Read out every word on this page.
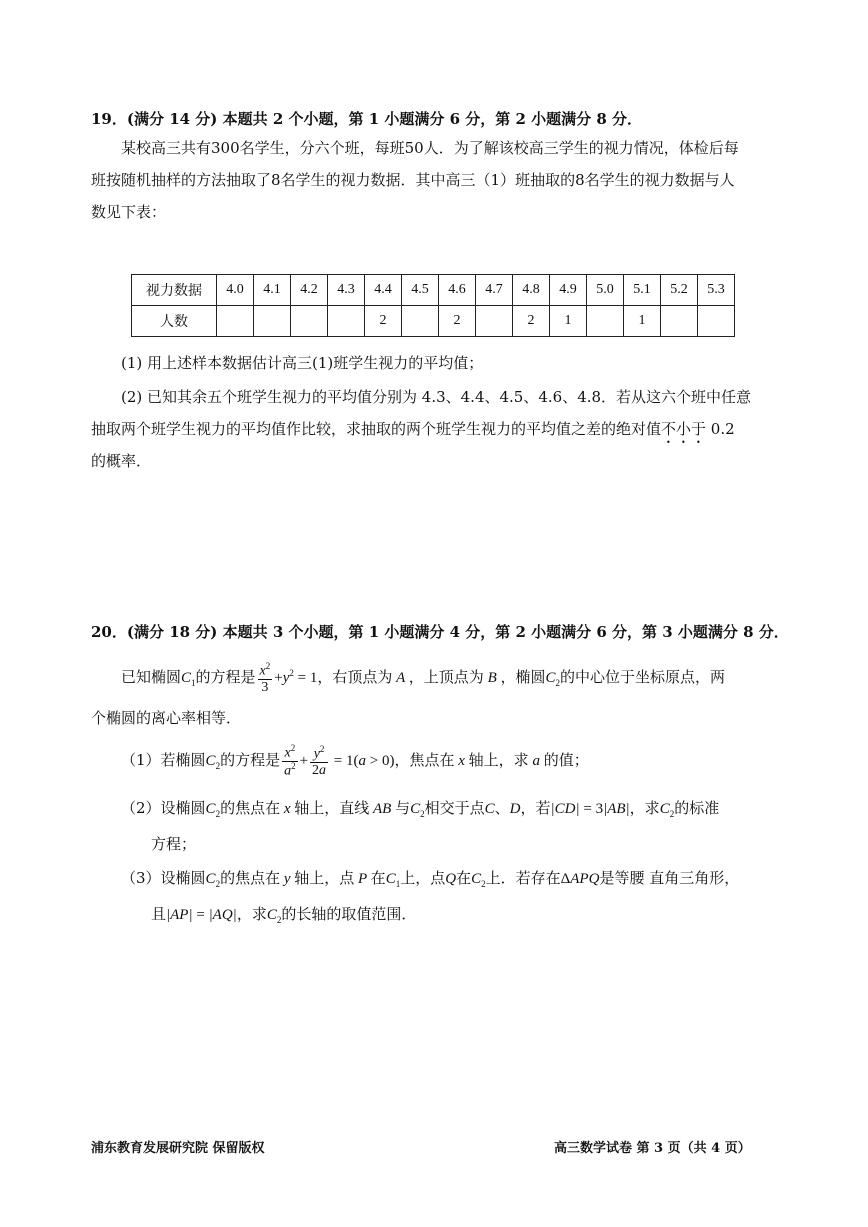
19．(满分 14 分) 本题共 2 个小题，第 1 小题满分 6 分，第 2 小题满分 8 分．
某校高三共有300名学生，分六个班，每班50人．为了解该校高三学生的视力情况，体检后每
班按随机抽样的方法抽取了8名学生的视力数据．其中高三（1）班抽取的8名学生的视力数据与人
数见下表：
视力数据	4.0	4.1	4.2	4.3	4.4	4.5	4.6	4.7	4.8	4.9	5.0	5.1	5.2	5.3
人数					2		2		2	1		1		
(1) 用上述样本数据估计高三(1)班学生视力的平均值；
(2) 已知其余五个班学生视力的平均值分别为 4.3、4.4、4.5、4.6、4.8．若从这六个班中任意
抽取两个班学生视力的平均值作比较，求抽取的两个班学生视力的平均值之差的绝对值不小于 0.2
的概率．
20．(满分 18 分) 本题共 3 个小题，第 1 小题满分 4 分，第 2 小题满分 6 分，第 3 小题满分 8 分．
已知椭圆$C_1$的方程是 $\frac{x^2}{3} +y^2 = 1$，右顶点为 A ，上顶点为 B ，椭圆$C_2$的中心位于坐标原点，两
个椭圆的离心率相等．
（1）若椭圆$C_2$的方程是 $\frac{x^2}{a^2} + \frac{y^2}{2a} = 1(a > 0)$，焦点在 x 轴上，求 a 的值；
（2）设椭圆$C_2$的焦点在 x 轴上，直线 AB 与$C_2$相交于点C、D，若|CD| = 3|AB|，求$C_2$的标准
方程；
（3）设椭圆$C_2$的焦点在 y 轴上，点 P 在$C_1$上，点Q在$C_2$上．若存在ΔAPQ是等腰 直角三角形，
且|AP| = |AQ|，求$C_2$的长轴的取值范围．
浦东教育发展研究院 保留版权	高三数学试卷 第 3 页（共 4 页）
